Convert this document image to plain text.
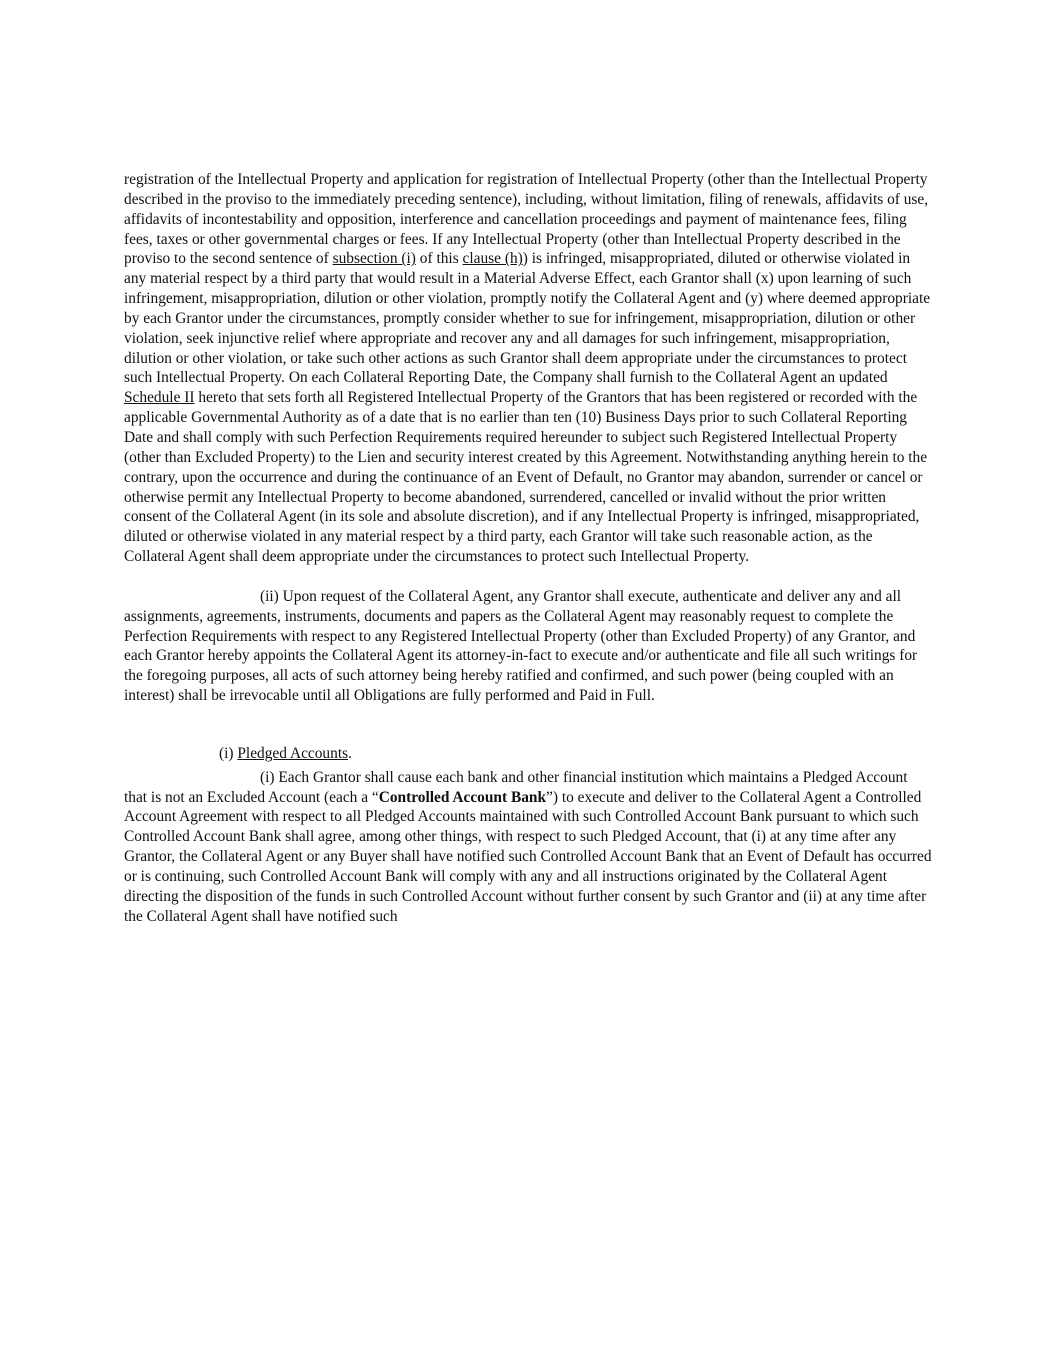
registration of the Intellectual Property and application for registration of Intellectual Property (other than the Intellectual Property described in the proviso to the immediately preceding sentence), including, without limitation, filing of renewals, affidavits of use, affidavits of incontestability and opposition, interference and cancellation proceedings and payment of maintenance fees, filing fees, taxes or other governmental charges or fees. If any Intellectual Property (other than Intellectual Property described in the proviso to the second sentence of subsection (i) of this clause (h)) is infringed, misappropriated, diluted or otherwise violated in any material respect by a third party that would result in a Material Adverse Effect, each Grantor shall (x) upon learning of such infringement, misappropriation, dilution or other violation, promptly notify the Collateral Agent and (y) where deemed appropriate by each Grantor under the circumstances, promptly consider whether to sue for infringement, misappropriation, dilution or other violation, seek injunctive relief where appropriate and recover any and all damages for such infringement, misappropriation, dilution or other violation, or take such other actions as such Grantor shall deem appropriate under the circumstances to protect such Intellectual Property. On each Collateral Reporting Date, the Company shall furnish to the Collateral Agent an updated Schedule II hereto that sets forth all Registered Intellectual Property of the Grantors that has been registered or recorded with the applicable Governmental Authority as of a date that is no earlier than ten (10) Business Days prior to such Collateral Reporting Date and shall comply with such Perfection Requirements required hereunder to subject such Registered Intellectual Property (other than Excluded Property) to the Lien and security interest created by this Agreement. Notwithstanding anything herein to the contrary, upon the occurrence and during the continuance of an Event of Default, no Grantor may abandon, surrender or cancel or otherwise permit any Intellectual Property to become abandoned, surrendered, cancelled or invalid without the prior written consent of the Collateral Agent (in its sole and absolute discretion), and if any Intellectual Property is infringed, misappropriated, diluted or otherwise violated in any material respect by a third party, each Grantor will take such reasonable action, as the Collateral Agent shall deem appropriate under the circumstances to protect such Intellectual Property.

(ii) Upon request of the Collateral Agent, any Grantor shall execute, authenticate and deliver any and all assignments, agreements, instruments, documents and papers as the Collateral Agent may reasonably request to complete the Perfection Requirements with respect to any Registered Intellectual Property (other than Excluded Property) of any Grantor, and each Grantor hereby appoints the Collateral Agent its attorney-in-fact to execute and/or authenticate and file all such writings for the foregoing purposes, all acts of such attorney being hereby ratified and confirmed, and such power (being coupled with an interest) shall be irrevocable until all Obligations are fully performed and Paid in Full.

(i) Pledged Accounts.

(i) Each Grantor shall cause each bank and other financial institution which maintains a Pledged Account that is not an Excluded Account (each a “Controlled Account Bank”) to execute and deliver to the Collateral Agent a Controlled Account Agreement with respect to all Pledged Accounts maintained with such Controlled Account Bank pursuant to which such Controlled Account Bank shall agree, among other things, with respect to such Pledged Account, that (i) at any time after any Grantor, the Collateral Agent or any Buyer shall have notified such Controlled Account Bank that an Event of Default has occurred or is continuing, such Controlled Account Bank will comply with any and all instructions originated by the Collateral Agent directing the disposition of the funds in such Controlled Account without further consent by such Grantor and (ii) at any time after the Collateral Agent shall have notified such
